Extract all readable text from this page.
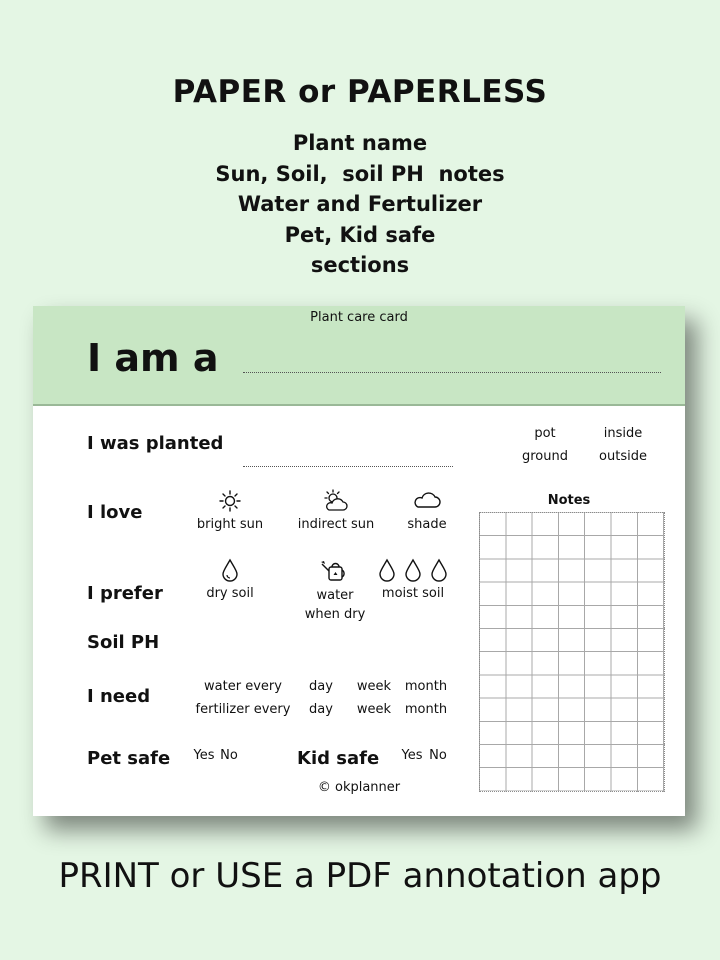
PAPER or PAPERLESS
Plant name
Sun, Soil,  soil PH  notes
Water and Fertulizer
Pet, Kid safe
sections
Plant care card
I am a
I was planted	pot	inside
ground	outside
I love
bright sun	indirect sun	shade
I prefer	dry soil	water
when dry
moist soil
Soil PH
I need	water every	day	week	month
fertilizer every	day	week	month
Pet safe	Yes No	Kid safe	Yes No
Notes
© okplanner
PRINT or USE a PDF annotation app
